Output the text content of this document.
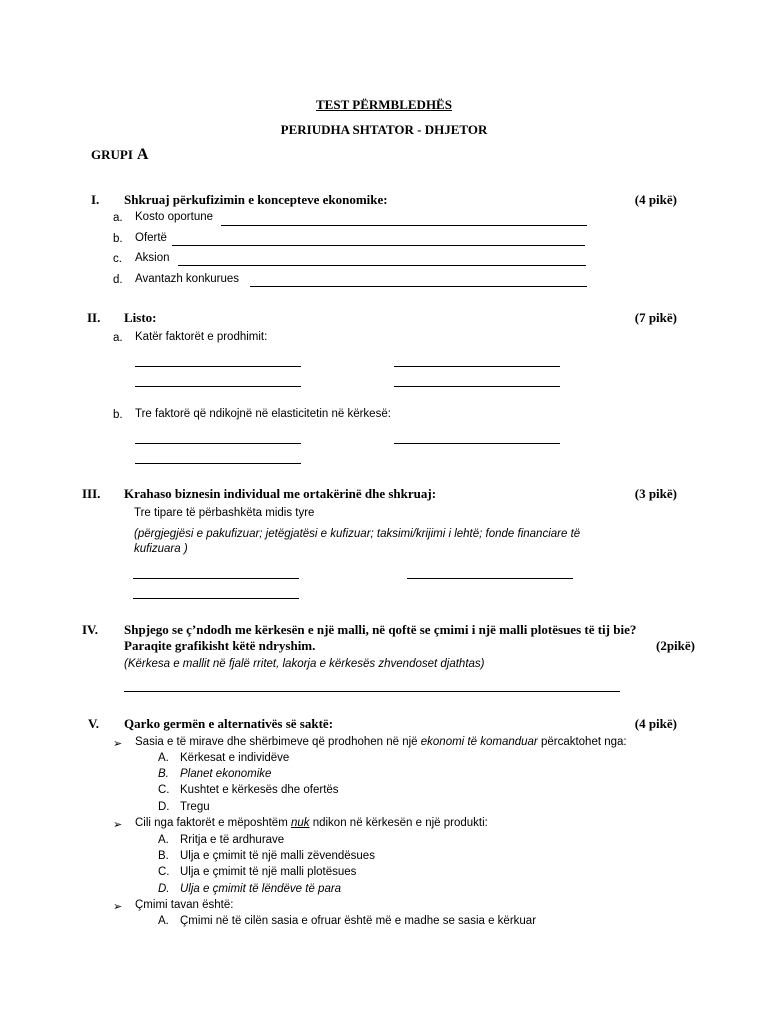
TEST PËRMBLEDHËS
PERIUDHA SHTATOR - DHJETOR
GRUPI A
I. Shkruaj përkufizimin e koncepteve ekonomike:	(4 pikë)
a. Kosto oportune
b. Ofertë
c. Aksion
d. Avantazh konkurues
II. Listo:	(7 pikë)
a. Katër faktorët e prodhimit:
b. Tre faktorë që ndikojnë në elasticitetin në kërkesë:
III. Krahaso biznesin individual me ortakërinë dhe shkruaj:	(3 pikë)
Tre tipare të përbashkëta midis tyre
(përgjegjësi e pakufizuar; jetëgjatësi e kufizuar; taksimi/krijimi i lehtë; fonde financiare të
kufizuara )
IV. Shpjego se ç’ndodh me kërkesën e një malli, në qoftë se çmimi i një malli plotësues të tij bie?
Paraqite grafikisht këtë ndryshim.	(2pikë)
(Kërkesa e mallit në fjalë rritet, lakorja e kërkesës zhvendoset djathtas)
V. Qarko germën e alternativës së saktë:	(4 pikë)
➢ Sasia e të mirave dhe shërbimeve që prodhohen në një ekonomi të komanduar përcaktohet nga:
A. Kërkesat e individëve
B. Planet ekonomike
C. Kushtet e kërkesës dhe ofertës
D. Tregu
➢ Cili nga faktorët e mëposhtëm nuk ndikon në kërkesën e një produkti:
A. Rritja e të ardhurave
B. Ulja e çmimit të një malli zëvendësues
C. Ulja e çmimit të një malli plotësues
D. Ulja e çmimit të lëndëve të para
➢ Çmimi tavan është:
A. Çmimi në të cilën sasia e ofruar është më e madhe se sasia e kërkuar
